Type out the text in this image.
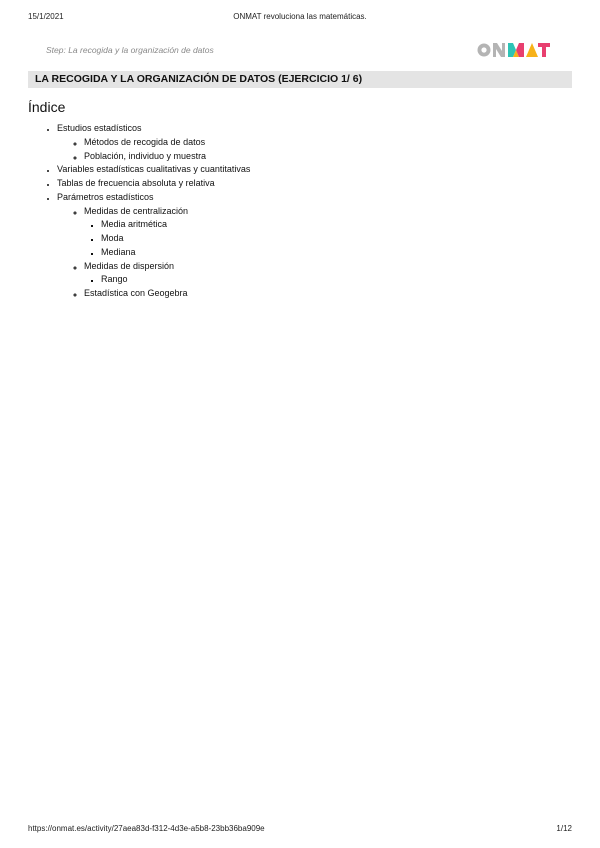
15/1/2021	ONMAT revoluciona las matemáticas.
Step: La recogida y la organización de datos
LA RECOGIDA Y LA ORGANIZACIÓN DE DATOS (EJERCICIO 1/ 6)
Índice
• Estudios estadísticos
◦ Métodos de recogida de datos
◦ Población, individuo y muestra
• Variables estadísticas cualitativas y cuantitativas
• Tablas de frecuencia absoluta y relativa
• Parámetros estadísticos
◦ Medidas de centralización
▪ Media aritmética
▪ Moda
▪ Mediana
◦ Medidas de dispersión
▪ Rango
◦ Estadística con Geogebra
https://onmat.es/activity/27aea83d-f312-4d3e-a5b8-23bb36ba909e	1/12
